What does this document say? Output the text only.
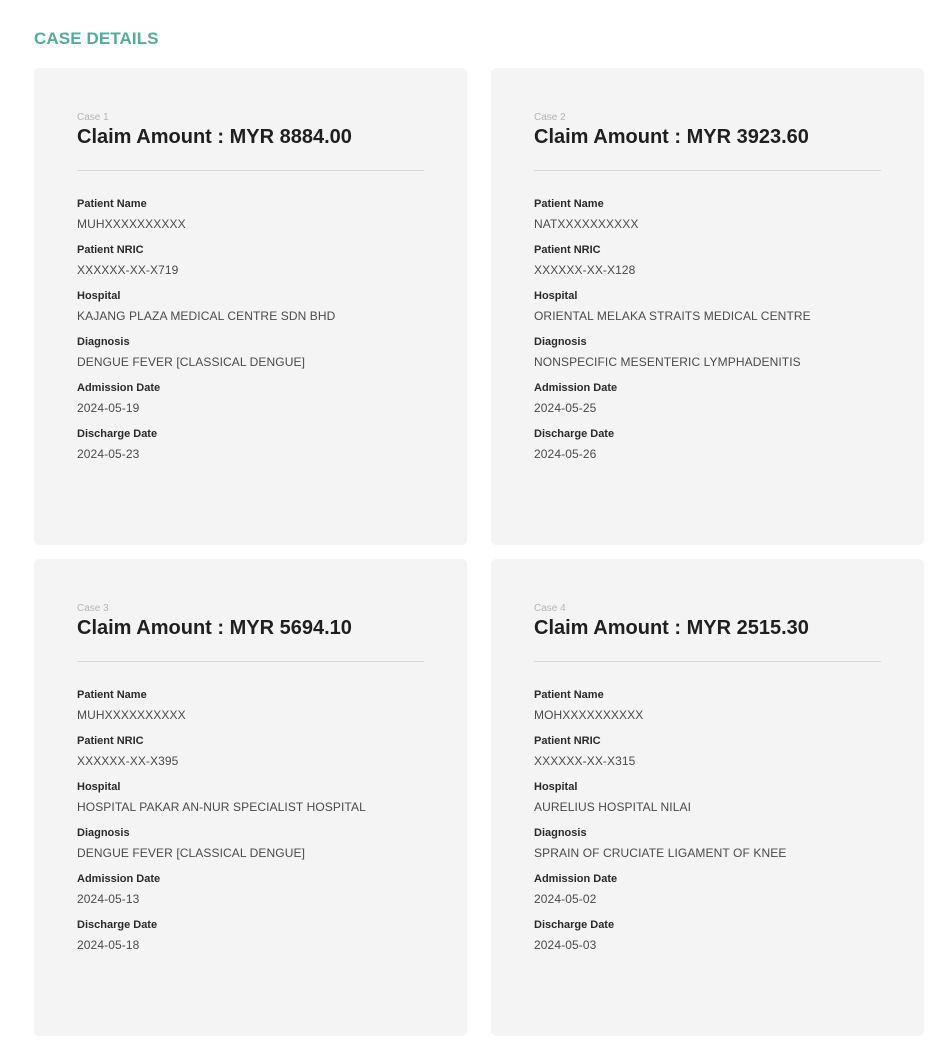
CASE DETAILS
Case 1
Claim Amount : MYR 8884.00
Patient Name
MUHXXXXXXXXXX
Patient NRIC
XXXXXX-XX-X719
Hospital
KAJANG PLAZA MEDICAL CENTRE SDN BHD
Diagnosis
DENGUE FEVER [CLASSICAL DENGUE]
Admission Date
2024-05-19
Discharge Date
2024-05-23
Case 2
Claim Amount : MYR 3923.60
Patient Name
NATXXXXXXXXXX
Patient NRIC
XXXXXX-XX-X128
Hospital
ORIENTAL MELAKA STRAITS MEDICAL CENTRE
Diagnosis
NONSPECIFIC MESENTERIC LYMPHADENITIS
Admission Date
2024-05-25
Discharge Date
2024-05-26
Case 3
Claim Amount : MYR 5694.10
Patient Name
MUHXXXXXXXXXX
Patient NRIC
XXXXXX-XX-X395
Hospital
HOSPITAL PAKAR AN-NUR SPECIALIST HOSPITAL
Diagnosis
DENGUE FEVER [CLASSICAL DENGUE]
Admission Date
2024-05-13
Discharge Date
2024-05-18
Case 4
Claim Amount : MYR 2515.30
Patient Name
MOHXXXXXXXXXX
Patient NRIC
XXXXXX-XX-X315
Hospital
AURELIUS HOSPITAL NILAI
Diagnosis
SPRAIN OF CRUCIATE LIGAMENT OF KNEE
Admission Date
2024-05-02
Discharge Date
2024-05-03
